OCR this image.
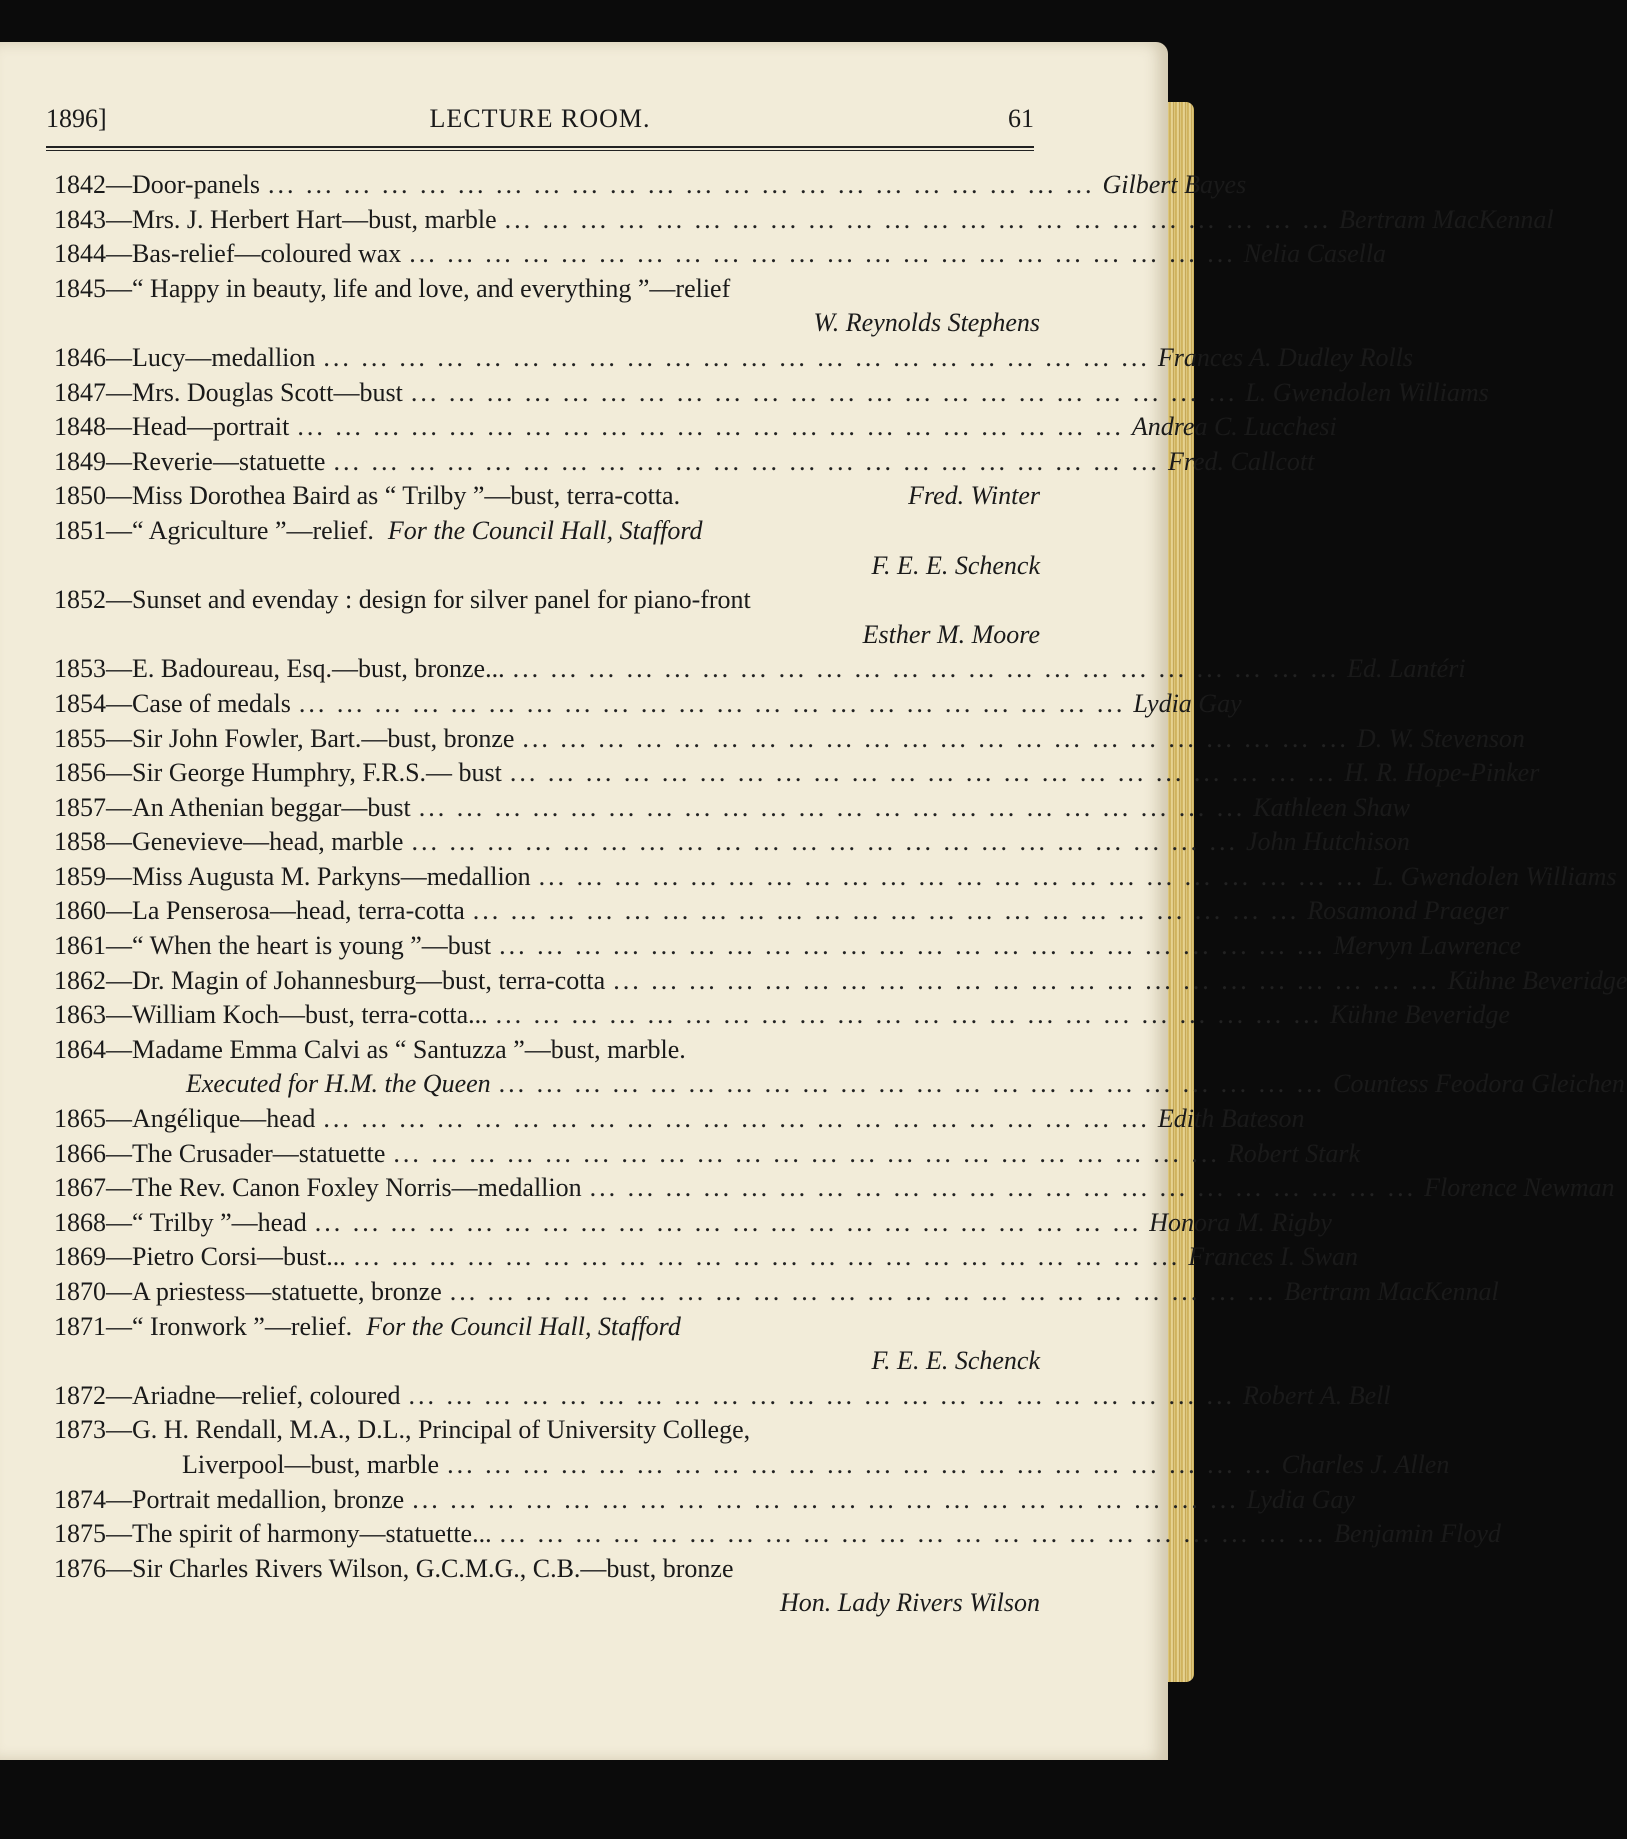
1896]	LECTURE ROOM.	61
1842 —Door-panels ... ... ... ... ... ... ... ... ... ... ... ... ... ... ... ... ... ... ... ... ... ... Gilbert Bayes
1843 —Mrs. J. Herbert Hart—bust, marble ... ... ... ... ... ... ... ... ... ... ... ... ... ... ... ... ... ... ... ... ... ... Bertram MacKennal
1844 —Bas-relief—coloured wax ... ... ... ... ... ... ... ... ... ... ... ... ... ... ... ... ... ... ... ... ... ... Nelia Casella
1845 —“ Happy in beauty, life and love, and everything ”—relief
W. Reynolds Stephens
1846 —Lucy—medallion ... ... ... ... ... ... ... ... ... ... ... ... ... ... ... ... ... ... ... ... ... ... Frances A. Dudley Rolls
1847 —Mrs. Douglas Scott—bust ... ... ... ... ... ... ... ... ... ... ... ... ... ... ... ... ... ... ... ... ... ... L. Gwendolen Williams
1848 —Head—portrait ... ... ... ... ... ... ... ... ... ... ... ... ... ... ... ... ... ... ... ... ... ... Andrea C. Lucchesi
1849 —Reverie—statuette ... ... ... ... ... ... ... ... ... ... ... ... ... ... ... ... ... ... ... ... ... ... Fred. Callcott
1850 —Miss Dorothea Baird as “ Trilby ”—bust, terra-cotta.	Fred. Winter
1851 —“ Agriculture ”—relief. For the Council Hall, Stafford
F. E. E. Schenck
1852 —Sunset and evenday : design for silver panel for piano-front
Esther M. Moore
1853 —E. Badoureau, Esq.—bust, bronze... ... ... ... ... ... ... ... ... ... ... ... ... ... ... ... ... ... ... ... ... ... ... Ed. Lantéri
1854 —Case of medals ... ... ... ... ... ... ... ... ... ... ... ... ... ... ... ... ... ... ... ... ... ... Lydia Gay
1855 —Sir John Fowler, Bart.—bust, bronze ... ... ... ... ... ... ... ... ... ... ... ... ... ... ... ... ... ... ... ... ... ... D. W. Stevenson
1856 —Sir George Humphry, F.R.S.— bust ... ... ... ... ... ... ... ... ... ... ... ... ... ... ... ... ... ... ... ... ... ... H. R. Hope-Pinker
1857 —An Athenian beggar—bust ... ... ... ... ... ... ... ... ... ... ... ... ... ... ... ... ... ... ... ... ... ... Kathleen Shaw
1858 —Genevieve—head, marble ... ... ... ... ... ... ... ... ... ... ... ... ... ... ... ... ... ... ... ... ... ... John Hutchison
1859 —Miss Augusta M. Parkyns—medallion ... ... ... ... ... ... ... ... ... ... ... ... ... ... ... ... ... ... ... ... ... ... L. Gwendolen Williams
1860 —La Penserosa—head, terra-cotta ... ... ... ... ... ... ... ... ... ... ... ... ... ... ... ... ... ... ... ... ... ... Rosamond Praeger
1861 —“ When the heart is young ”—bust ... ... ... ... ... ... ... ... ... ... ... ... ... ... ... ... ... ... ... ... ... ... Mervyn Lawrence
1862 —Dr. Magin of Johannesburg—bust, terra-cotta ... ... ... ... ... ... ... ... ... ... ... ... ... ... ... ... ... ... ... ... ... ... Kühne Beveridge
1863 —William Koch—bust, terra-cotta... ... ... ... ... ... ... ... ... ... ... ... ... ... ... ... ... ... ... ... ... ... ... Kühne Beveridge
1864 —Madame Emma Calvi as “ Santuzza ”—bust, marble.
Executed for H.M. the Queen ... ... ... ... ... ... ... ... ... ... ... ... ... ... ... ... ... ... ... ... ... ... Countess Feodora Gleichen
1865 —Angélique—head ... ... ... ... ... ... ... ... ... ... ... ... ... ... ... ... ... ... ... ... ... ... Edith Bateson
1866 —The Crusader—statuette ... ... ... ... ... ... ... ... ... ... ... ... ... ... ... ... ... ... ... ... ... ... Robert Stark
1867 —The Rev. Canon Foxley Norris—medallion ... ... ... ... ... ... ... ... ... ... ... ... ... ... ... ... ... ... ... ... ... ... Florence Newman
1868 —“ Trilby ”—head ... ... ... ... ... ... ... ... ... ... ... ... ... ... ... ... ... ... ... ... ... ... Honora M. Rigby
1869 —Pietro Corsi—bust... ... ... ... ... ... ... ... ... ... ... ... ... ... ... ... ... ... ... ... ... ... ... Frances I. Swan
1870 —A priestess—statuette, bronze ... ... ... ... ... ... ... ... ... ... ... ... ... ... ... ... ... ... ... ... ... ... Bertram MacKennal
1871 —“ Ironwork ”—relief. For the Council Hall, Stafford
F. E. E. Schenck
1872 —Ariadne—relief, coloured ... ... ... ... ... ... ... ... ... ... ... ... ... ... ... ... ... ... ... ... ... ... Robert A. Bell
1873 —G. H. Rendall, M.A., D.L., Principal of University College,
Liverpool—bust, marble ... ... ... ... ... ... ... ... ... ... ... ... ... ... ... ... ... ... ... ... ... ... Charles J. Allen
1874 —Portrait medallion, bronze ... ... ... ... ... ... ... ... ... ... ... ... ... ... ... ... ... ... ... ... ... ... Lydia Gay
1875 —The spirit of harmony—statuette... ... ... ... ... ... ... ... ... ... ... ... ... ... ... ... ... ... ... ... ... ... ... Benjamin Floyd
1876 —Sir Charles Rivers Wilson, G.C.M.G., C.B.—bust, bronze
Hon. Lady Rivers Wilson
